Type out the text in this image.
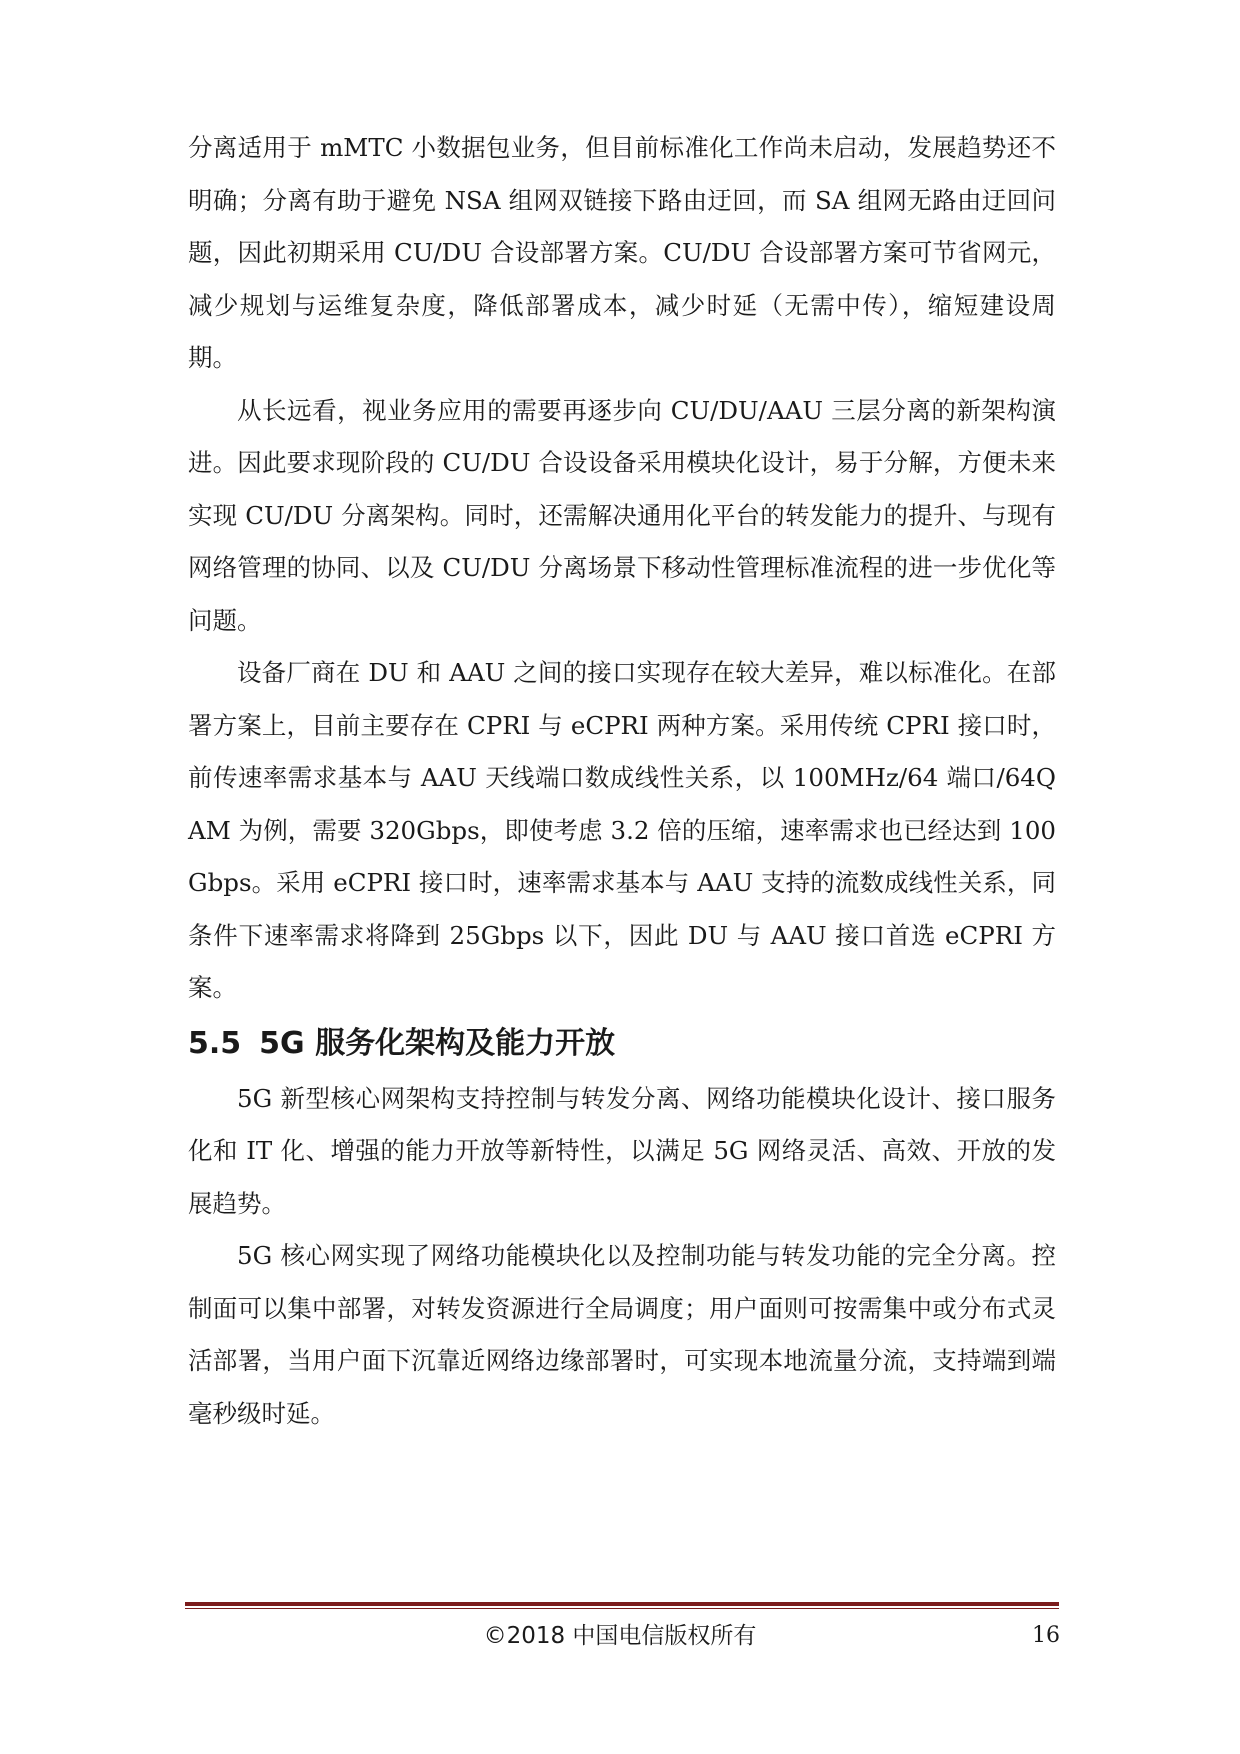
分离适用于 mMTC 小数据包业务，但目前标准化工作尚未启动，发展趋势还不明确；分离有助于避免 NSA 组网双链接下路由迂回，而 SA 组网无路由迂回问题，因此初期采用 CU/DU 合设部署方案。CU/DU 合设部署方案可节省网元，减少规划与运维复杂度，降低部署成本，减少时延（无需中传），缩短建设周期。

从长远看，视业务应用的需要再逐步向 CU/DU/AAU 三层分离的新架构演进。因此要求现阶段的 CU/DU 合设设备采用模块化设计，易于分解，方便未来实现 CU/DU 分离架构。同时，还需解决通用化平台的转发能力的提升、与现有网络管理的协同、以及 CU/DU 分离场景下移动性管理标准流程的进一步优化等问题。

设备厂商在 DU 和 AAU 之间的接口实现存在较大差异，难以标准化。在部署方案上，目前主要存在 CPRI 与 eCPRI 两种方案。采用传统 CPRI 接口时，前传速率需求基本与 AAU 天线端口数成线性关系，以 100MHz/64 端口/64QAM 为例，需要 320Gbps，即使考虑 3.2 倍的压缩，速率需求也已经达到 100Gbps。采用 eCPRI 接口时，速率需求基本与 AAU 支持的流数成线性关系，同条件下速率需求将降到 25Gbps 以下，因此 DU 与 AAU 接口首选 eCPRI 方案。

5.5 5G 服务化架构及能力开放

5G 新型核心网架构支持控制与转发分离、网络功能模块化设计、接口服务化和 IT 化、增强的能力开放等新特性，以满足 5G 网络灵活、高效、开放的发展趋势。

5G 核心网实现了网络功能模块化以及控制功能与转发功能的完全分离。控制面可以集中部署，对转发资源进行全局调度；用户面则可按需集中或分布式灵活部署，当用户面下沉靠近网络边缘部署时，可实现本地流量分流，支持端到端毫秒级时延。

©2018 中国电信版权所有	16
